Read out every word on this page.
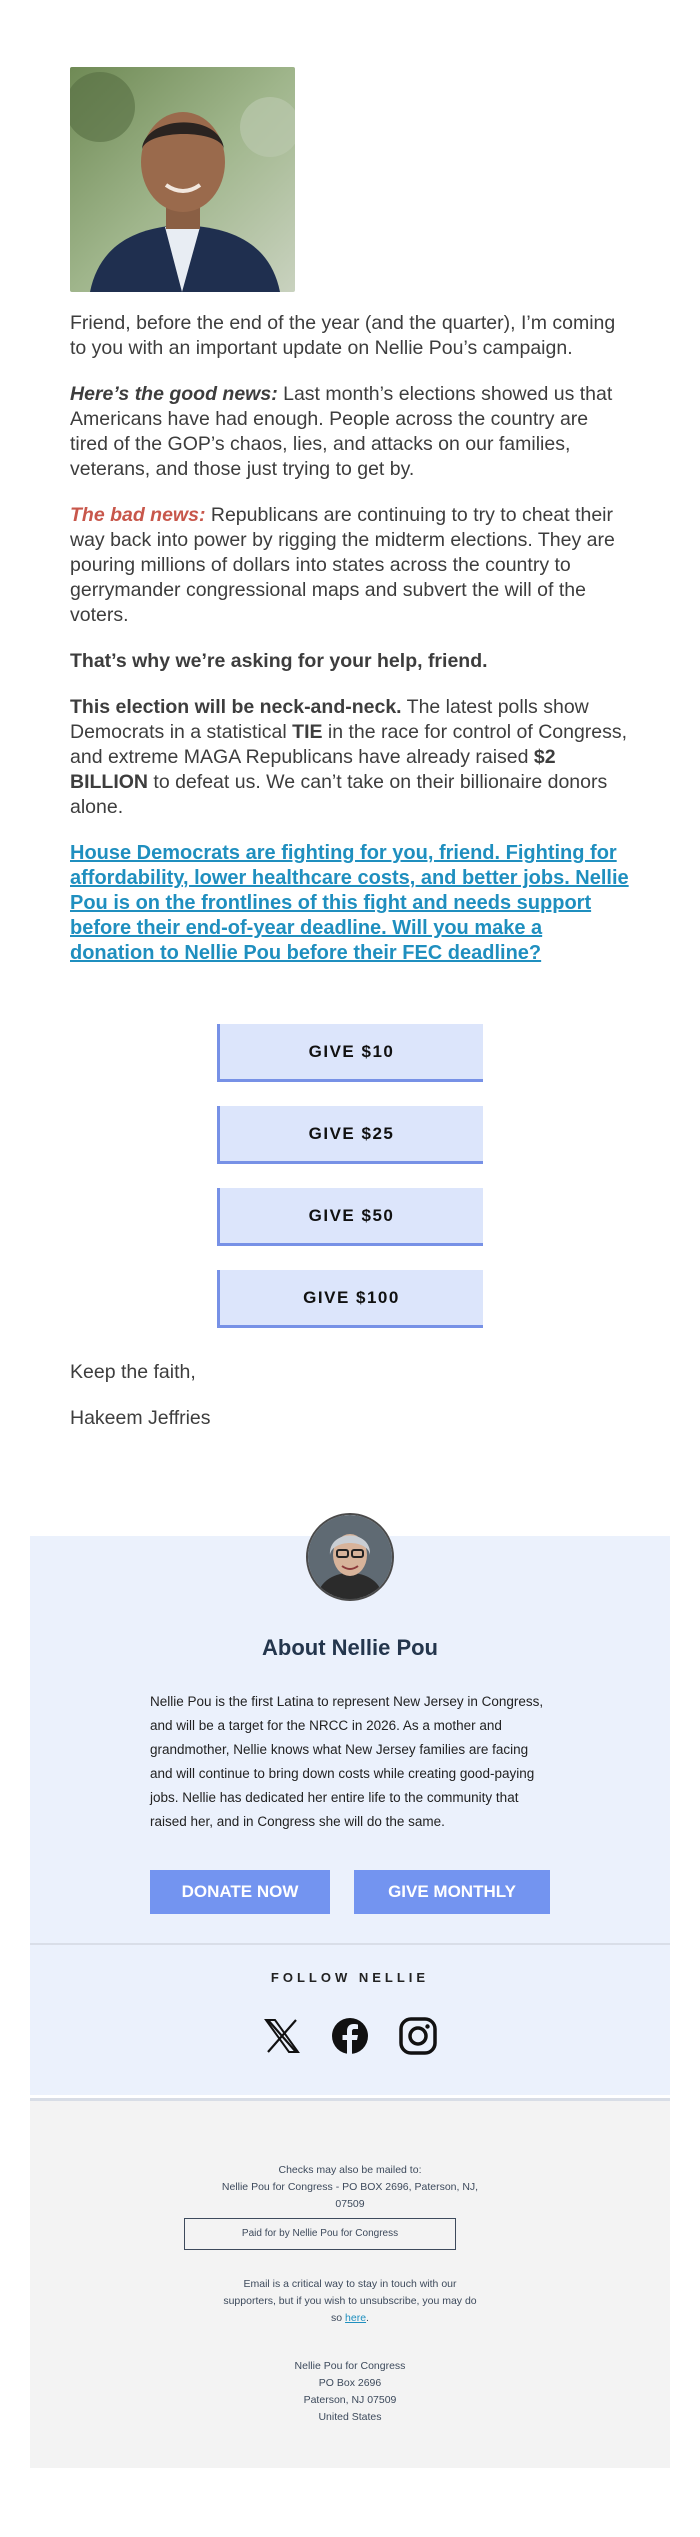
Friend, before the end of the year (and the quarter), I’m coming to you with an important update on Nellie Pou’s campaign.

Here’s the good news: Last month’s elections showed us that Americans have had enough. People across the country are tired of the GOP’s chaos, lies, and attacks on our families, veterans, and those just trying to get by.

The bad news: Republicans are continuing to try to cheat their way back into power by rigging the midterm elections. They are pouring millions of dollars into states across the country to gerrymander congressional maps and subvert the will of the voters.

That’s why we’re asking for your help, friend.

This election will be neck-and-neck. The latest polls show Democrats in a statistical TIE in the race for control of Congress, and extreme MAGA Republicans have already raised $2 BILLION to defeat us. We can’t take on their billionaire donors alone.

House Democrats are fighting for you, friend. Fighting for affordability, lower healthcare costs, and better jobs. Nellie Pou is on the frontlines of this fight and needs support before their end-of-year deadline. Will you make a donation to Nellie Pou before their FEC deadline?
GIVE $10
GIVE $25
GIVE $50
GIVE $100
Keep the faith,
Hakeem Jeffries
About Nellie Pou
Nellie Pou is the first Latina to represent New Jersey in Congress, and will be a target for the NRCC in 2026. As a mother and grandmother, Nellie knows what New Jersey families are facing and will continue to bring down costs while creating good-paying jobs. Nellie has dedicated her entire life to the community that raised her, and in Congress she will do the same.
DONATE NOW	GIVE MONTHLY
FOLLOW NELLIE
Checks may also be mailed to:
Nellie Pou for Congress - PO BOX 2696, Paterson, NJ,
07509
Email is a critical way to stay in touch with our
supporters, but if you wish to unsubscribe, you may do
so here.
Nellie Pou for Congress
PO Box 2696
Paterson, NJ 07509
United States
Paid for by Nellie Pou for Congress
